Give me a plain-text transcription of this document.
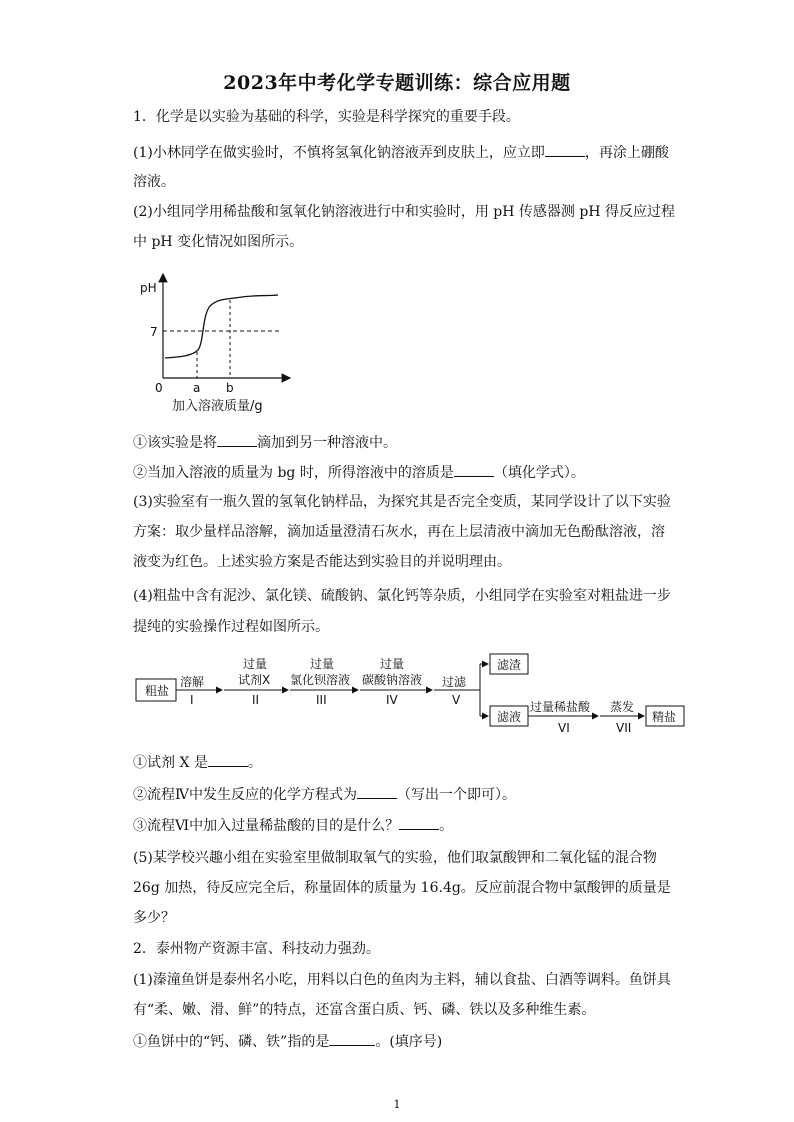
2023年中考化学专题训练：综合应用题
1．化学是以实验为基础的科学，实验是科学探究的重要手段。
(1)小林同学在做实验时，不慎将氢氧化钠溶液弄到皮肤上，应立即	，再涂上硼酸
溶液。
(2)小组同学用稀盐酸和氢氧化钠溶液进行中和实验时，用 pH 传感器测 pH 得反应过程
中 pH 变化情况如图所示。
pH
7
0	a b
加入溶液质量/g
①该实验是将	滴加到另一种溶液中。
②当加入溶液的质量为 bg 时，所得溶液中的溶质是	（填化学式）。
(3)实验室有一瓶久置的氢氧化钠样品，为探究其是否完全变质，某同学设计了以下实验
方案：取少量样品溶解，滴加适量澄清石灰水，再在上层清液中滴加无色酚酞溶液，溶
液变为红色。上述实验方案是否能达到实验目的并说明理由。
(4)粗盐中含有泥沙、氯化镁、硫酸钠、氯化钙等杂质，小组同学在实验室对粗盐进一步
提纯的实验操作过程如图所示。
粗盐
溶解
I
过量
试剂X
II
过量
氯化钡溶液
III
过量
碳酸钠溶液
IV
过滤
V
滤渣
滤液
过量稀盐酸
VI
蒸发
VII
精盐
①试剂 X 是	。
②流程Ⅳ中发生反应的化学方程式为	（写出一个即可）。
③流程Ⅵ中加入过量稀盐酸的目的是什么？	。
(5)某学校兴趣小组在实验室里做制取氧气的实验，他们取氯酸钾和二氧化锰的混合物
26g 加热，待反应完全后，称量固体的质量为 16.4g。反应前混合物中氯酸钾的质量是
多少？
2．泰州物产资源丰富、科技动力强劲。
(1)溱潼鱼饼是泰州名小吃，用料以白色的鱼肉为主料，辅以食盐、白酒等调料。鱼饼具
有“柔、嫩、滑、鲜”的特点，还富含蛋白质、钙、磷、铁以及多种维生素。
①鱼饼中的“钙、磷、铁”指的是	。(填序号)
1
